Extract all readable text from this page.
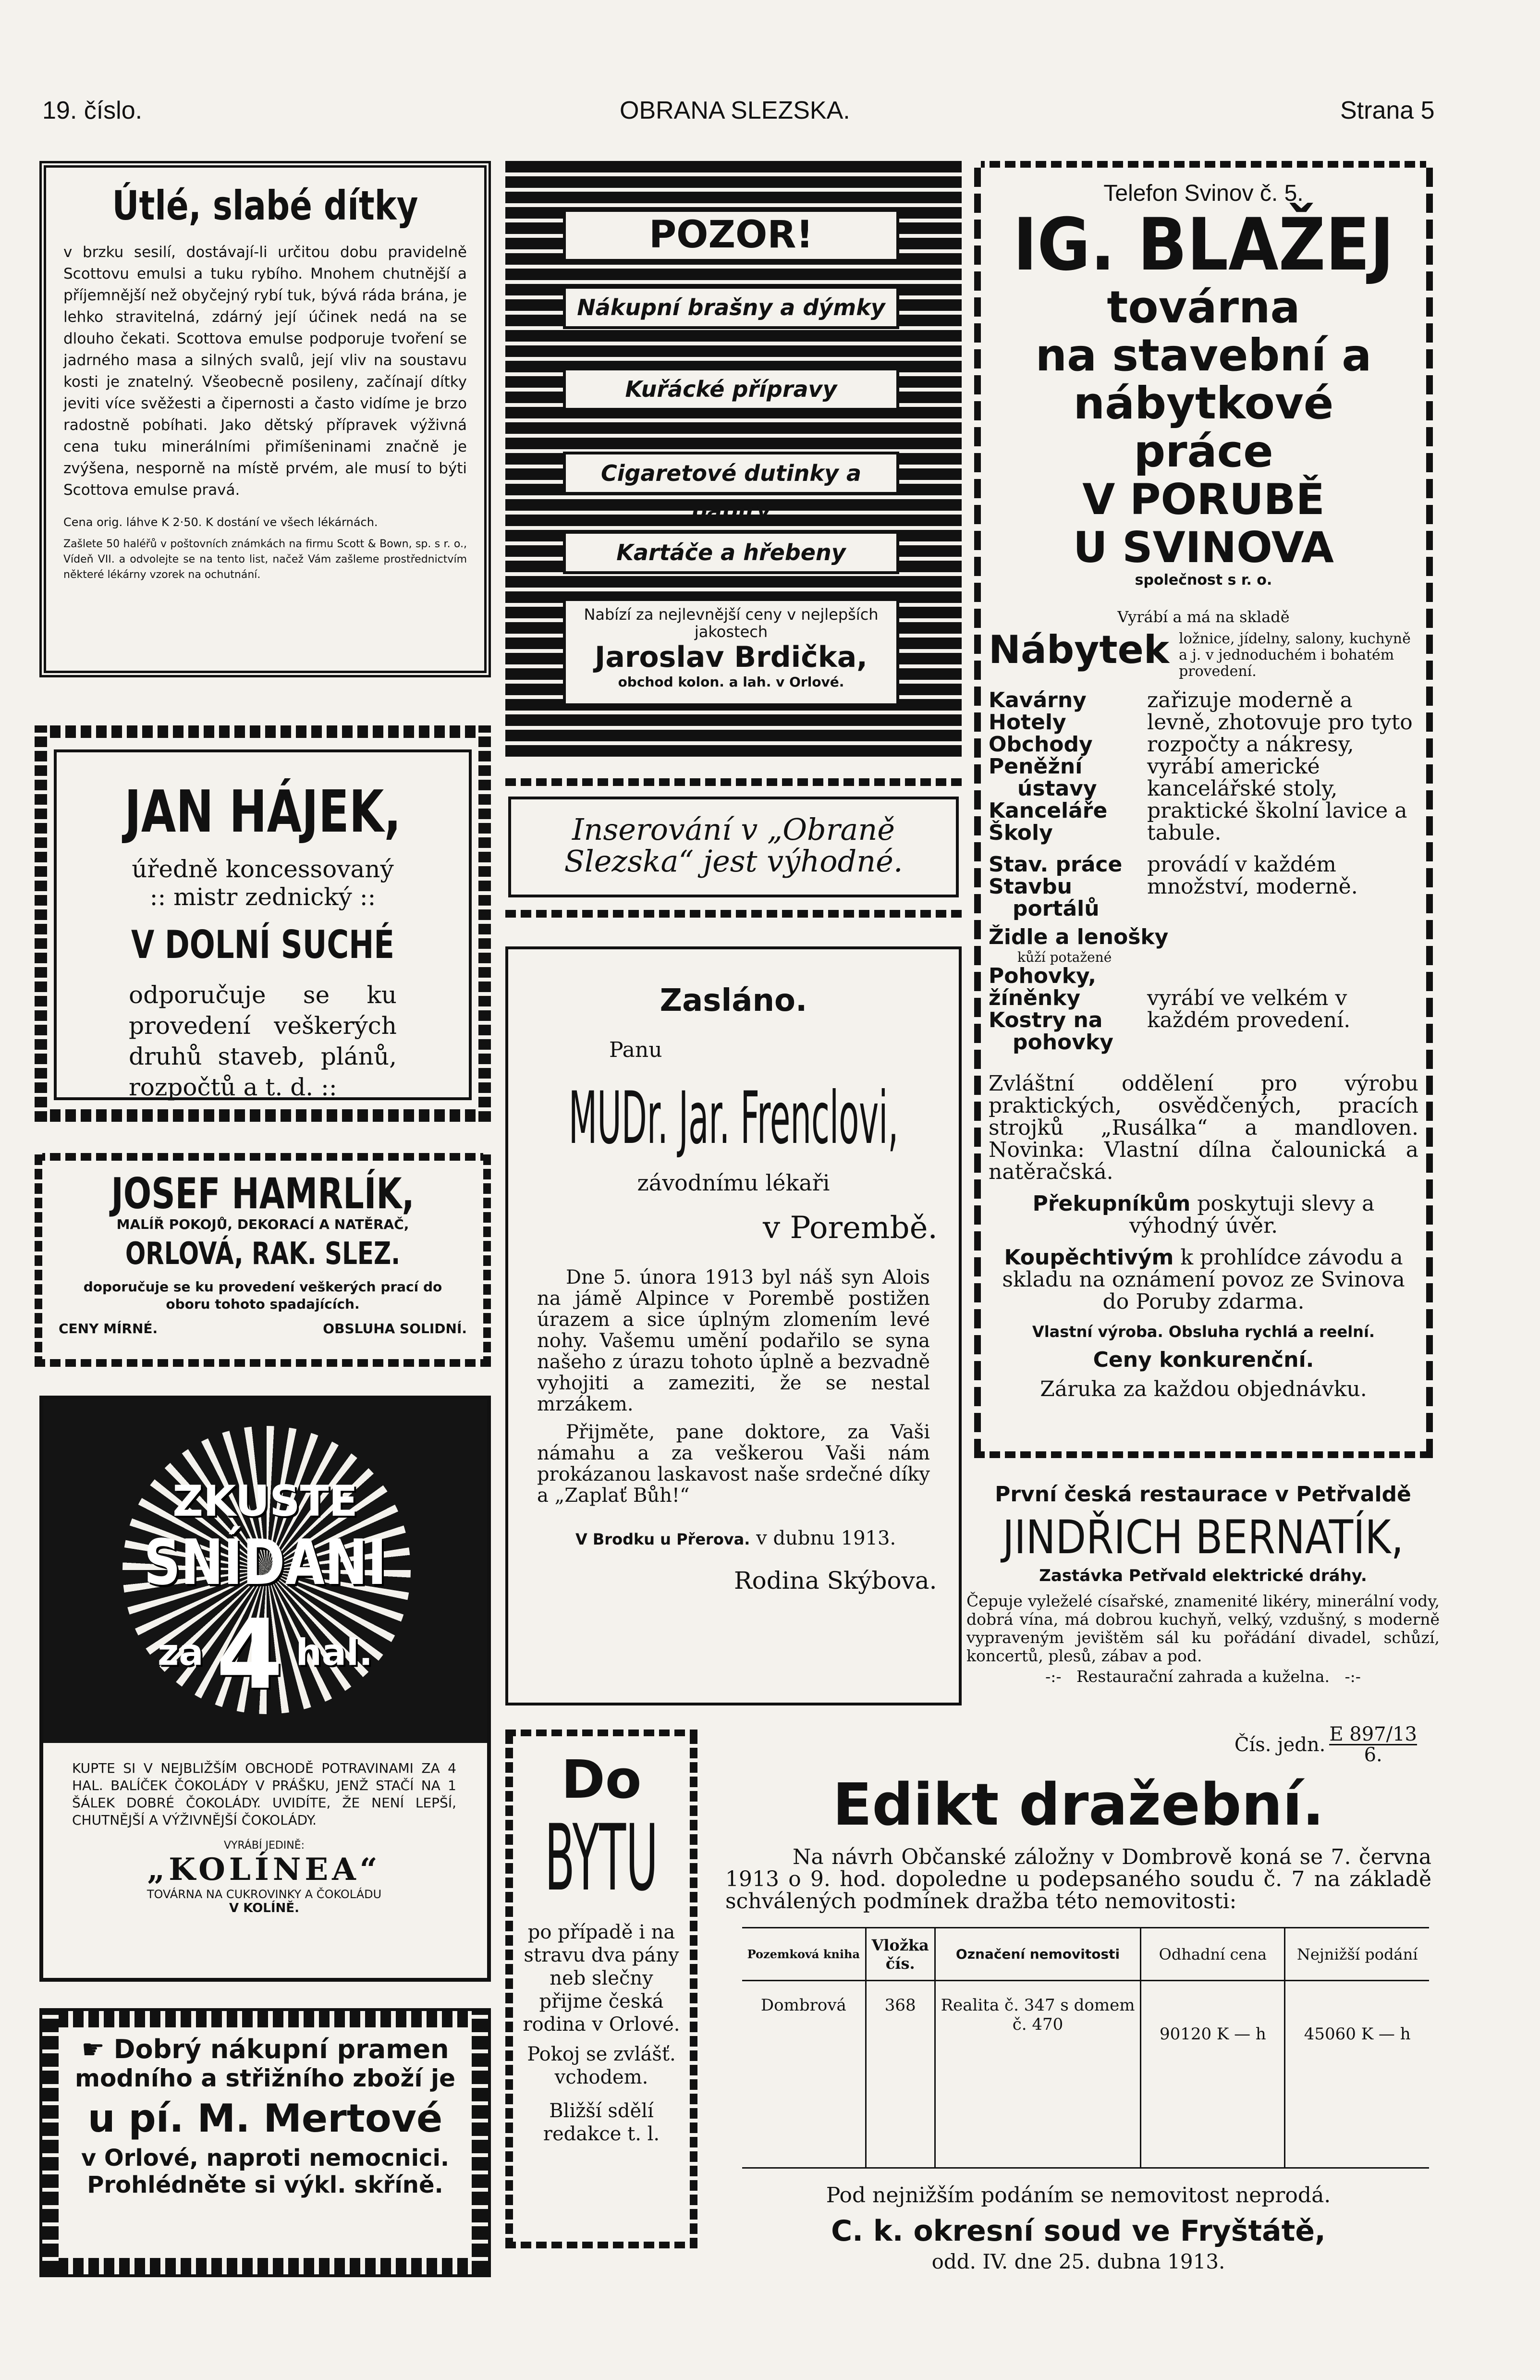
19. číslo.	OBRANA SLEZSKA.	Strana 5
Útlé, slabé dítky

v brzku sesilí, dostávají-li určitou dobu pravidelně Scottovu emulsi a tuku rybího. Mnohem chutnější a příjemnější než obyčejný rybí tuk, bývá ráda brána, je lehko stravitelná, zdárný její účinek nedá na se dlouho čekati. Scottova emulse podporuje tvoření se jadrného masa a silných svalů, její vliv na soustavu kosti je znatelný. Všeobecně posileny, začínají dítky jeviti více svěžesti a čipernosti a často vidíme je brzo radostně pobíhati. Jako dětský přípravek výživná cena tuku minerálními přimíšeninami značně je zvýšena, nesporně na místě prvém, ale musí to býti Scottova emulse pravá.

Cena orig. láhve K 2·50. K dostání ve všech lékárnách.

Zašlete 50 haléřů v poštovních známkách na firmu Scott & Bown, sp. s r. o., Vídeň VII. a odvolejte se na tento list, načež Vám zašleme prostřednictvím některé lékárny vzorek na ochutnání.

JAN HÁJEK,
úředně koncessovaný
:: mistr zednický ::
V DOLNÍ SUCHÉ

odporučuje se ku provedení veškerých druhů staveb, plánů, rozpočtů a t. d. ::

JOSEF HAMRLÍK,
MALÍŘ POKOJŮ, DEKORACÍ A NATĚRAČ,
ORLOVÁ, RAK. SLEZ.

doporučuje se ku provedení veškerých prací do oboru tohoto spadajících.

CENY MÍRNÉ.	OBSLUHA SOLIDNÍ.
ZKUSTE
SNÍDANI
za 4 hal.

KUPTE SI V NEJBLIŽŠÍM OBCHODĚ POTRAVINAMI ZA 4 HAL. BALÍČEK ČOKOLÁDY V PRÁŠKU, JENŽ STAČÍ NA 1 ŠÁLEK DOBRÉ ČOKOLÁDY. UVIDÍTE, ŽE NENÍ LEPŠÍ, CHUTNĚJŠÍ A VÝŽIVNĚJŠÍ ČOKOLÁDY.

VYRÁBÍ JEDINĚ:
„KOLÍNEA“
TOVÁRNA NA CUKROVINKY A ČOKOLÁDU
V KOLÍNĚ.
☛ Dobrý nákupní pramen
modního a střižního zboží je
u pí. M. Mertové
v Orlové, naproti nemocnici.
Prohlédněte si výkl. skříně.
POZOR!
Nákupní brašny a dýmky
Kuřácké přípravy
Cigaretové dutinky a papíry
Kartáče a hřebeny

Nabízí za nejlevnější ceny v nejlepších jakostech

Jaroslav Brdička,
obchod kolon. a lah. v Orlové.
Inserování v „Obraně Slezska“ jest výhodné.
Zasláno.
Panu
MUDr. Jar. Frenclovi,
závodnímu lékaři
v Porembě.

Dne 5. února 1913 byl náš syn Alois na jámě Alpince v Porembě postižen úrazem a sice úplným zlomením levé nohy. Vašemu umění podařilo se syna našeho z úrazu tohoto úplně a bezvadně vyhojiti a zameziti, že se nestal mrzákem.

Přijměte, pane doktore, za Vaši námahu a za veškerou Vaši nám prokázanou laskavost naše srdečné díky a „Zaplať Bůh!“

V Brodku u Přerova. v dubnu 1913.
Rodina Skýbova.
Do
BYTU

po případě i na stravu dva pány neb slečny přijme česká rodina v Orlové.

Pokoj se zvlášť. vchodem.

Bližší sdělí redakce t. l.

Telefon Svinov č. 5.
IG. BLAŽEJ
továrna
na stavební a
nábytkové
práce
V PORUBĚ
U SVINOVA
společnost s r. o.
Vyrábí a má na skladě
Nábytek ložnice, jídelny, salony, kuchyně a j. v jednoduchém i bohatém provedení.
Kavárny
Hotely
Obchody
Peněžní
ústavy
Kanceláře
Školy

zařizuje moderně a levně, zhotovuje pro tyto rozpočty a nákresy, vyrábí americké kancelářské stoly, praktické školní lavice a tabule.

Stav. práce
Stavbu
portálů

provádí v každém množství, moderně.

Židle a lenošky
kůží potažené
Pohovky,
žíněnky
Kostry na
pohovky

vyrábí ve velkém v každém provedení.

Zvláštní oddělení pro výrobu praktických, osvědčených, pracích strojků „Rusálka“ a mandloven. Novinka: Vlastní dílna čalounická a natěračská.

Překupníkům poskytuji slevy a výhodný úvěr.

Koupěchtivým k prohlídce závodu a skladu na oznámení povoz ze Svinova do Poruby zdarma.

Vlastní výroba. Obsluha rychlá a reelní.
Ceny konkurenční.
Záruka za každou objednávku.
První česká restaurace v Petřvaldě
JINDŘICH BERNATÍK,
Zastávka Petřvald elektrické dráhy.

Čepuje vyleželé císařské, znamenité likéry, minerální vody, dobrá vína, má dobrou kuchyň, velký, vzdušný, s moderně vypraveným jevištěm sál ku pořádání divadel, schůzí, koncertů, plesů, zábav a pod.

-:-   Restaurační zahrada a kuželna.   -:-
Čís. jedn. E 897/13
6.
Edikt dražební.

Na návrh Občanské záložny v Dombrově koná se 7. června 1913 o 9. hod. dopoledne u podepsaného soudu č. 7 na základě schválených podmínek dražba této nemovitosti:

Pozemková kniha	Vložka čís.	Označení nemovitosti	Odhadní cena	Nejnižší podání
Dombrová	368	Realita č. 347 s domem č. 470	90120 K — h	45060 K — h
Pod nejnižším podáním se nemovitost neprodá.
C. k. okresní soud ve Fryštátě,
odd. IV. dne 25. dubna 1913.
